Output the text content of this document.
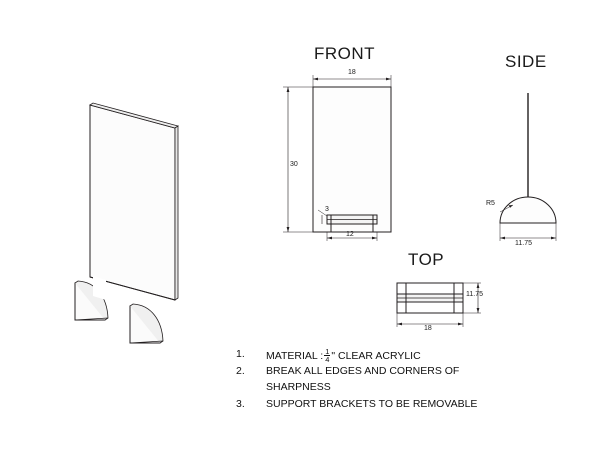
FRONT	SIDE
TOP
18
30
3
12
R5
11.75
11.75
18
1. MATERIAL : $\frac{1}{4}$ " CLEAR ACRYLIC
2. BREAK ALL EDGES AND CORNERS OF
SHARPNESS
3. SUPPORT BRACKETS TO BE REMOVABLE
